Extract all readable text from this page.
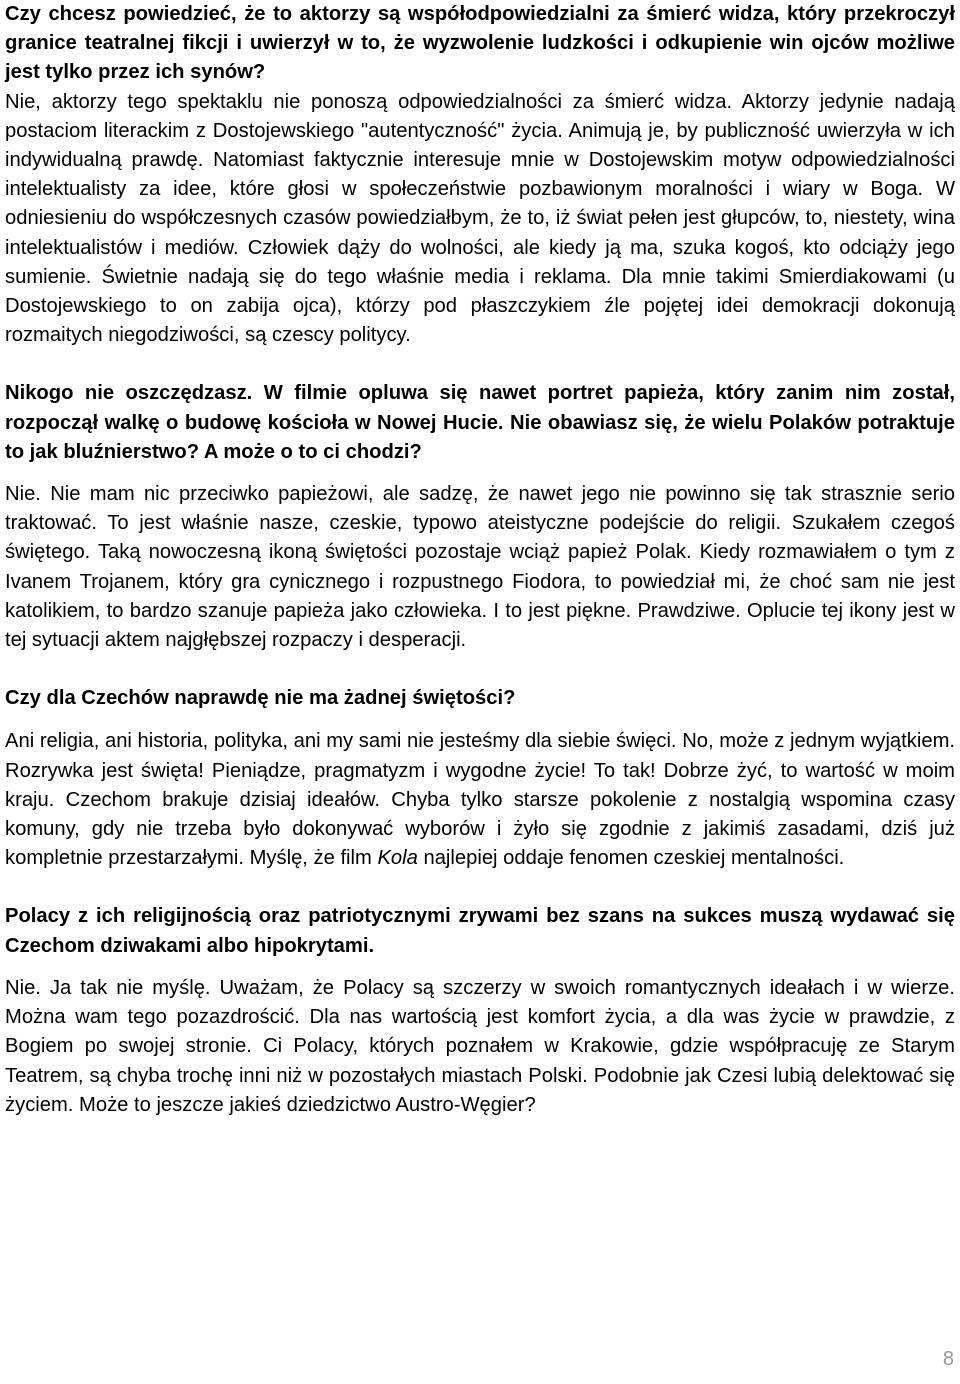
Czy chcesz powiedzieć, że to aktorzy są współodpowiedzialni za śmierć widza, który przekroczył granice teatralnej fikcji i uwierzył w to, że wyzwolenie ludzkości i odkupienie win ojców możliwe jest tylko przez ich synów?

Nie, aktorzy tego spektaklu nie ponoszą odpowiedzialności za śmierć widza. Aktorzy jedynie nadają postaciom literackim z Dostojewskiego "autentyczność" życia. Animują je, by publiczność uwierzyła w ich indywidualną prawdę. Natomiast faktycznie interesuje mnie w Dostojewskim motyw odpowiedzialności intelektualisty za idee, które głosi w społeczeństwie pozbawionym moralności i wiary w Boga. W odniesieniu do współczesnych czasów powiedziałbym, że to, iż świat pełen jest głupców, to, niestety, wina intelektualistów i mediów. Człowiek dąży do wolności, ale kiedy ją ma, szuka kogoś, kto odciąży jego sumienie. Świetnie nadają się do tego właśnie media i reklama. Dla mnie takimi Smierdiakowami (u Dostojewskiego to on zabija ojca), którzy pod płaszczykiem źle pojętej idei demokracji dokonują rozmaitych niegodziwości, są czescy politycy.

Nikogo nie oszczędzasz. W filmie opluwa się nawet portret papieża, który zanim nim został, rozpoczął walkę o budowę kościoła w Nowej Hucie. Nie obawiasz się, że wielu Polaków potraktuje to jak bluźnierstwo? A może o to ci chodzi?

Nie. Nie mam nic przeciwko papieżowi, ale sadzę, że nawet jego nie powinno się tak strasznie serio traktować. To jest właśnie nasze, czeskie, typowo ateistyczne podejście do religii. Szukałem czegoś świętego. Taką nowoczesną ikoną świętości pozostaje wciąż papież Polak. Kiedy rozmawiałem o tym z Ivanem Trojanem, który gra cynicznego i rozpustnego Fiodora, to powiedział mi, że choć sam nie jest katolikiem, to bardzo szanuje papieża jako człowieka. I to jest piękne. Prawdziwe. Oplucie tej ikony jest w tej sytuacji aktem najgłębszej rozpaczy i desperacji.

Czy dla Czechów naprawdę nie ma żadnej świętości?

Ani religia, ani historia, polityka, ani my sami nie jesteśmy dla siebie święci. No, może z jednym wyjątkiem. Rozrywka jest święta! Pieniądze, pragmatyzm i wygodne życie! To tak! Dobrze żyć, to wartość w moim kraju. Czechom brakuje dzisiaj ideałów. Chyba tylko starsze pokolenie z nostalgią wspomina czasy komuny, gdy nie trzeba było dokonywać wyborów i żyło się zgodnie z jakimiś zasadami, dziś już kompletnie przestarzałymi. Myślę, że film Kola najlepiej oddaje fenomen czeskiej mentalności.

Polacy z ich religijnością oraz patriotycznymi zrywami bez szans na sukces muszą wydawać się Czechom dziwakami albo hipokrytami.

Nie. Ja tak nie myślę. Uważam, że Polacy są szczerzy w swoich romantycznych ideałach i w wierze. Można wam tego pozazdrościć. Dla nas wartością jest komfort życia, a dla was życie w prawdzie, z Bogiem po swojej stronie. Ci Polacy, których poznałem w Krakowie, gdzie współpracuję ze Starym Teatrem, są chyba trochę inni niż w pozostałych miastach Polski. Podobnie jak Czesi lubią delektować się życiem. Może to jeszcze jakieś dziedzictwo Austro-Węgier?

8
